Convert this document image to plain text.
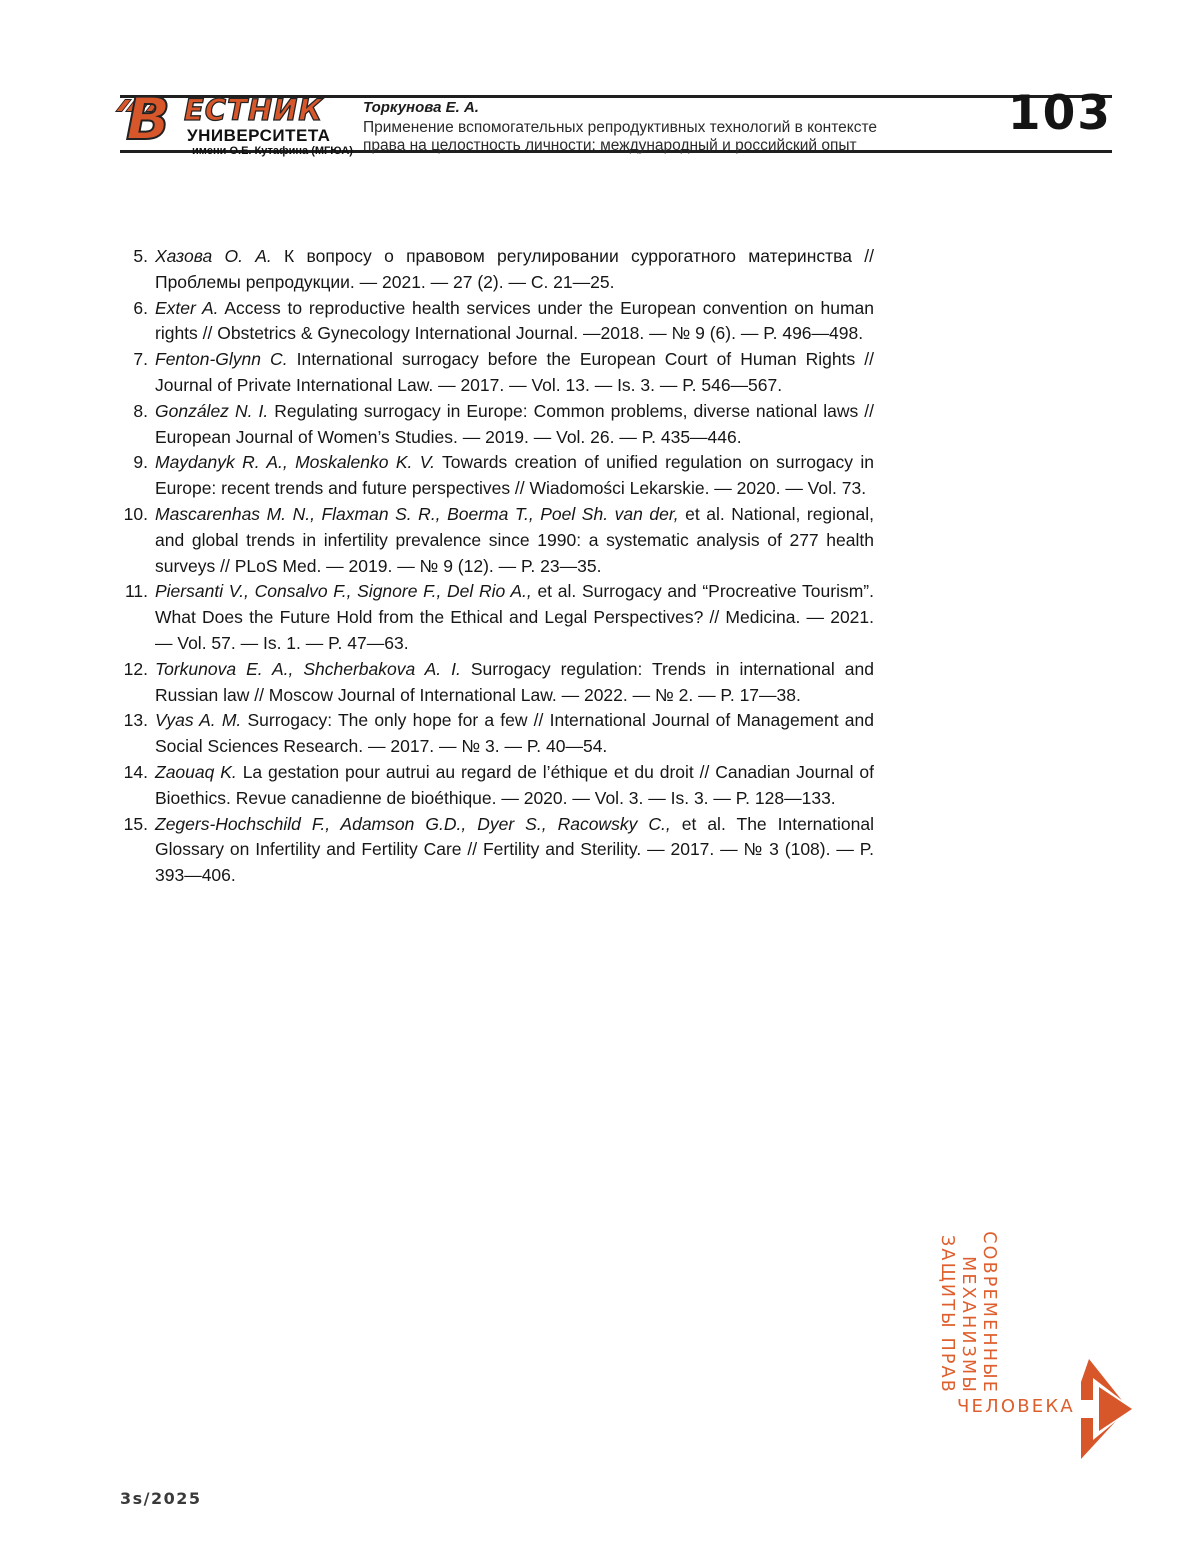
В ЕСТНИК
УНИВЕРСИТЕТА
имени О.Е. Кутафина (МГЮА)
Торкунова Е. А.
Применение вспомогательных репродуктивных технологий в контексте
права на целостность личности: международный и российский опыт
103
5. Хазова О. А. К вопросу о правовом регулировании суррогатного материнства // Проблемы репродукции. — 2021. — 27 (2). — С. 21—25.
6. Exter A. Access to reproductive health services under the European convention on human rights // Obstetrics & Gynecology International Journal. —2018. — № 9 (6). — P. 496—498.
7. Fenton-Glynn C. International surrogacy before the European Court of Human Rights // Journal of Private International Law. — 2017. — Vol. 13. — Is. 3. — P. 546—567.
8. González N. I. Regulating surrogacy in Europe: Common problems, diverse national laws // European Journal of Women’s Studies. — 2019. — Vol. 26. — P. 435—446.
9. Maydanyk R. A., Moskalenko K. V. Towards creation of unified regulation on surrogacy in Europe: recent trends and future perspectives // Wiadomości Lekarskie. — 2020. — Vol. 73.
10. Mascarenhas M. N., Flaxman S. R., Boerma T., Poel Sh. van der, et al. National, regional, and global trends in infertility prevalence since 1990: a systematic analysis of 277 health surveys // PLoS Med. — 2019. — № 9 (12). — P. 23—35.
11. Piersanti V., Consalvo F., Signore F., Del Rio A., et al. Surrogacy and “Procreative Tourism”. What Does the Future Hold from the Ethical and Legal Perspectives? // Medicina. — 2021. — Vol. 57. — Is. 1. — P. 47—63.
12. Torkunova E. A., Shcherbakova A. I. Surrogacy regulation: Trends in international and Russian law // Moscow Journal of International Law. — 2022. — № 2. — P. 17—38.
13. Vyas A. M. Surrogacy: The only hope for a few // International Journal of Management and Social Sciences Research. — 2017. — № 3. — P. 40—54.
14. Zaouaq K. La gestation pour autrui au regard de l’éthique et du droit // Canadian Journal of Bioethics. Revue canadienne de bioéthique. — 2020. — Vol. 3. — Is. 3. — P. 128—133.
15. Zegers-Hochschild F., Adamson G.D., Dyer S., Racowsky C., et al. The International Glossary on Infertility and Fertility Care // Fertility and Sterility. — 2017. — № 3 (108). — P. 393—406.
СОВРЕМЕННЫЕ МЕХАНИЗМЫ
ЗАЩИТЫ ПРАВ
ЧЕЛОВЕКА
3s/2025
